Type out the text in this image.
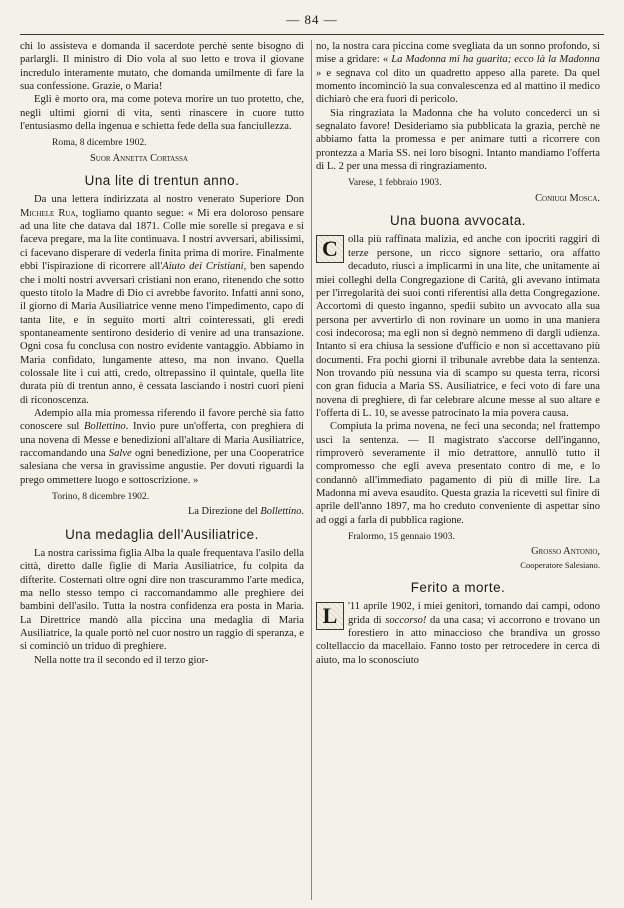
— 84 —

chi lo assisteva e domanda il sacerdote perchè sente bisogno di parlargli. Il ministro di Dio vola al suo letto e trova il giovane incredulo interamente mutato, che domanda umilmente di fare la sua confessione. Grazie, o Maria!

Egli è morto ora, ma come poteva morire un tuo protetto, che, negli ultimi giorni di vita, sentì rinascere in cuore tutto l'entusiasmo della ingenua e schietta fede della sua fanciullezza.

Roma, 8 dicembre 1902.

Suor Annetta Cortassa

Una lite di trentun anno.

Da una lettera indirizzata al nostro venerato Superiore Don Michele Rua, togliamo quanto segue: « Mi era doloroso pensare ad una lite che datava dal 1871. Colle mie sorelle si pregava e si faceva pregare, ma la lite continuava. I nostri avversari, abilissimi, ci facevano disperare di vederla finita prima di morire. Finalmente ebbi l'ispirazione di ricorrere all'Aiuto dei Cristiani, ben sapendo che i molti nostri avversari cristiani non erano, ritenendo che sotto questo titolo la Madre di Dio ci avrebbe favorito. Infatti anni sono, il giorno di Maria Ausiliatrice venne meno l'impedimento, capo di tanta lite, e in seguito morti altri cointeressati, gli eredi spontaneamente sentirono desiderio di venire ad una transazione. Ogni cosa fu conclusa con nostro evidente vantaggio. Abbiamo in Maria confidato, lungamente atteso, ma non invano. Quella colossale lite i cui atti, credo, oltrepassino il quintale, quella lite durata più di trentun anno, è cessata lasciando i nostri cuori pieni di riconoscenza.

Adempio alla mia promessa riferendo il favore perchè sia fatto conoscere sul Bollettino. Invio pure un'offerta, con preghiera di una novena di Messe e benedizioni all'altare di Maria Ausiliatrice, raccomandando una Salve ogni benedizione, per una Cooperatrice salesiana che versa in gravissime angustie. Per dovuti riguardi la prego ommettere luogo e sottoscrizione. »

Torino, 8 dicembre 1902.

La Direzione del Bollettino.

Una medaglia dell'Ausiliatrice.

La nostra carissima figlia Alba la quale frequentava l'asilo della città, diretto dalle figlie di Maria Ausiliatrice, fu colpita da difterite. Costernati oltre ogni dire non trascurammo l'arte medica, ma nello stesso tempo ci raccomandammo alle preghiere dei bambini dell'asilo. Tutta la nostra confidenza era posta in Maria. La Direttrice mandò alla piccina una medaglia di Maria Ausiliatrice, la quale portò nel cuor nostro un raggio di speranza, e si cominciò un triduo di preghiere.

Nella notte tra il secondo ed il terzo gior-

no, la nostra cara piccina come svegliata da un sonno profondo, si mise a gridare: « La Madonna mi ha guarita; ecco là la Madonna » e segnava col dito un quadretto appeso alla parete. Da quel momento incominciò la sua convalescenza ed al mattino il medico dichiarò che era fuori di pericolo.

Sia ringraziata la Madonna che ha voluto concederci un sì segnalato favore! Desideriamo sia pubblicata la grazia, perchè ne abbiamo fatta la promessa e per animare tutti a ricorrere con prontezza a Maria SS. nei loro bisogni. Intanto mandiamo l'offerta di L. 2 per una messa di ringraziamento.

Varese, 1 febbraio 1903.

Coniugi Mosca.

Una buona avvocata.

C olla più raffinata malizia, ed anche con ipocriti raggiri di terze persone, un ricco signore settario, ora affatto decaduto, riuscì a implicarmi in una lite, che unitamente ai miei colleghi della Congregazione di Carità, gli avevano intimata per l'irregolarità dei suoi conti riferentisi alla detta Congregazione. Accortomi di questo inganno, spedii subito un avvocato alla sua persona per avvertirlo di non rovinare un uomo in una maniera così indecorosa; ma egli non si degnò nemmeno di dargli udienza. Intanto si era chiusa la sessione d'ufficio e non si accettavano più documenti. Fra pochi giorni il tribunale avrebbe data la sentenza. Non trovando più nessuna via di scampo su questa terra, ricorsi con gran fiducia a Maria SS. Ausiliatrice, e feci voto di fare una novena di preghiere, di far celebrare alcune messe al suo altare e l'offerta di L. 10, se avesse patrocinato la mia povera causa.

Compiuta la prima novena, ne feci una seconda; nel frattempo uscì la sentenza. — Il magistrato s'accorse dell'inganno, rimproverò severamente il mio detrattore, annullò tutto il compromesso che egli aveva presentato contro di me, e lo condannò all'immediato pagamento di più di mille lire. La Madonna mi aveva esaudito. Questa grazia la ricevetti sul finire di aprile dell'anno 1897, ma ho creduto conveniente di aspettar sino ad oggi a farla di pubblica ragione.

Fralormo, 15 gennaio 1903.

Grosso Antonio,

Cooperatore Salesiano.

Ferito a morte.

L	'11 aprile 1902, i miei genitori, tornando dai campi, odono grida di soccorso! da una casa; vi accorrono e trovano un forestiero in atto minaccioso che brandiva un grosso coltellaccio da macellaio. Fanno tosto per retrocedere in cerca di aiuto, ma lo sconosciuto
